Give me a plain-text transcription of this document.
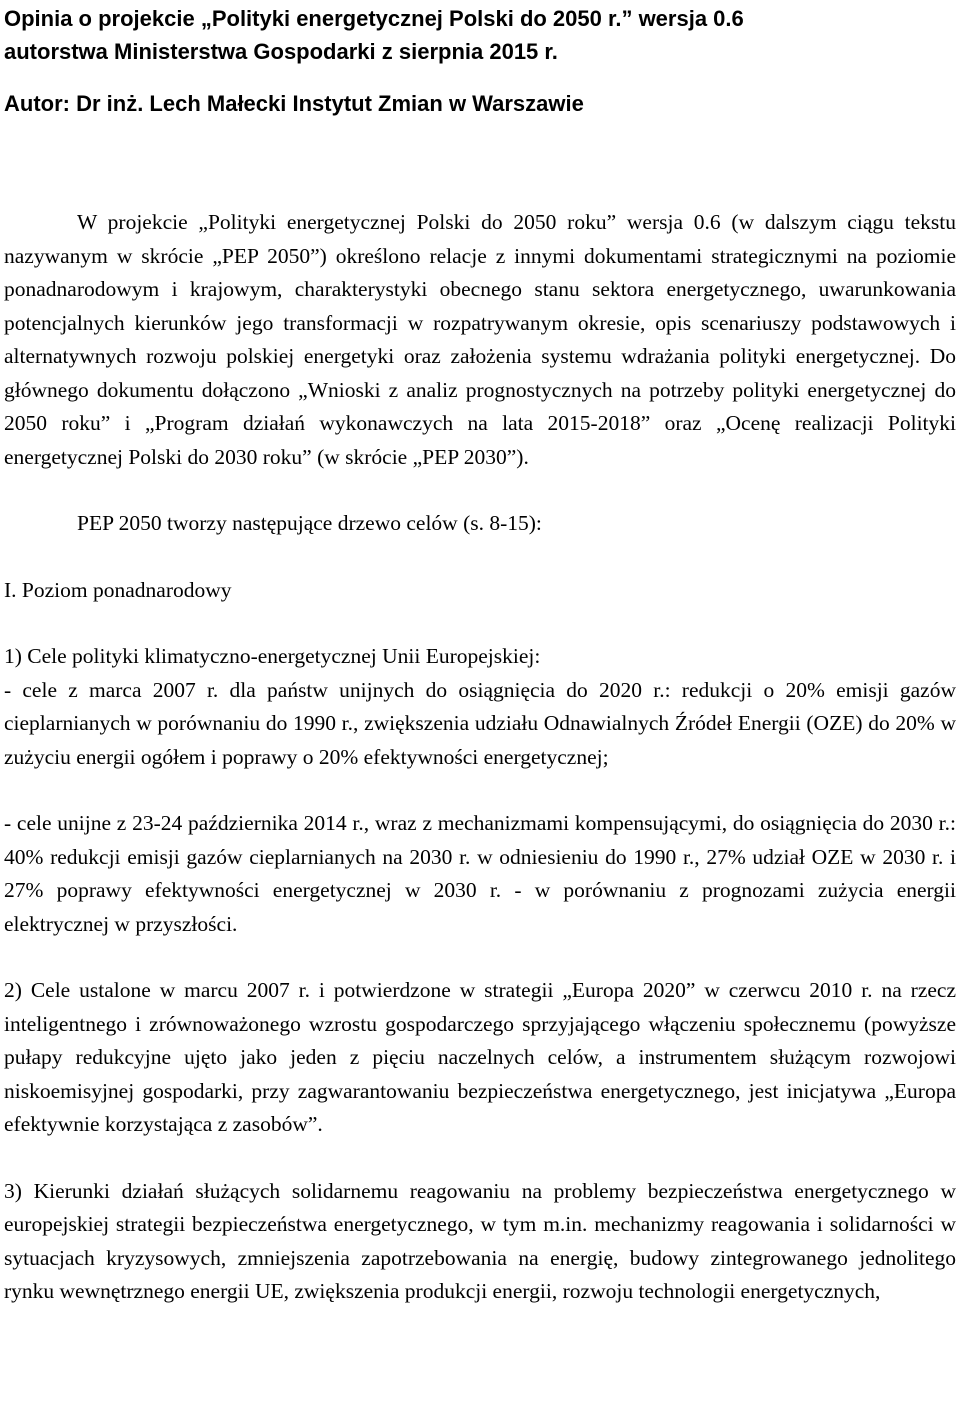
Opinia o projekcie „Polityki energetycznej Polski do 2050 r.” wersja 0.6
autorstwa Ministerstwa Gospodarki z sierpnia 2015 r.
Autor: Dr inż. Lech Małecki Instytut Zmian w Warszawie

W projekcie „Polityki energetycznej Polski do 2050 roku” wersja 0.6 (w dalszym ciągu tekstu nazywanym w skrócie „PEP 2050”) określono relacje z innymi dokumentami strategicznymi na poziomie ponadnarodowym i krajowym, charakterystyki obecnego stanu sektora energetycznego, uwarunkowania potencjalnych kierunków jego transformacji w rozpatrywanym okresie, opis scenariuszy podstawowych i alternatywnych rozwoju polskiej energetyki oraz założenia systemu wdrażania polityki energetycznej. Do głównego dokumentu dołączono „Wnioski z analiz prognostycznych na potrzeby polityki energetycznej do 2050 roku” i „Program działań wykonawczych na lata 2015-2018” oraz „Ocenę realizacji Polityki energetycznej Polski do 2030 roku” (w skrócie „PEP 2030”).

PEP 2050 tworzy następujące drzewo celów (s. 8-15):

I. Poziom ponadnarodowy

1) Cele polityki klimatyczno-energetycznej Unii Europejskiej:

- cele z marca 2007 r. dla państw unijnych do osiągnięcia do 2020 r.: redukcji o 20% emisji gazów cieplarnianych w porównaniu do 1990 r., zwiększenia udziału Odnawialnych Źródeł Energii (OZE) do 20% w zużyciu energii ogółem i poprawy o 20% efektywności energetycznej;

- cele unijne z 23-24 października 2014 r., wraz z mechanizmami kompensującymi, do osiągnięcia do 2030 r.: 40% redukcji emisji gazów cieplarnianych na 2030 r. w odniesieniu do 1990 r., 27% udział OZE w 2030 r. i 27% poprawy efektywności energetycznej w 2030 r. - w porównaniu z prognozami zużycia energii elektrycznej w przyszłości.

2) Cele ustalone w marcu 2007 r. i potwierdzone w strategii „Europa 2020” w czerwcu 2010 r. na rzecz inteligentnego i zrównoważonego wzrostu gospodarczego sprzyjającego włączeniu społecznemu (powyższe pułapy redukcyjne ujęto jako jeden z pięciu naczelnych celów, a instrumentem służącym rozwojowi niskoemisyjnej gospodarki, przy zagwarantowaniu bezpieczeństwa energetycznego, jest inicjatywa „Europa efektywnie korzystająca z zasobów”.

3) Kierunki działań służących solidarnemu reagowaniu na problemy bezpieczeństwa energetycznego w europejskiej strategii bezpieczeństwa energetycznego, w tym m.in. mechanizmy reagowania i solidarności w sytuacjach kryzysowych, zmniejszenia zapotrzebowania na energię, budowy zintegrowanego jednolitego rynku wewnętrznego energii UE, zwiększenia produkcji energii, rozwoju technologii energetycznych,
